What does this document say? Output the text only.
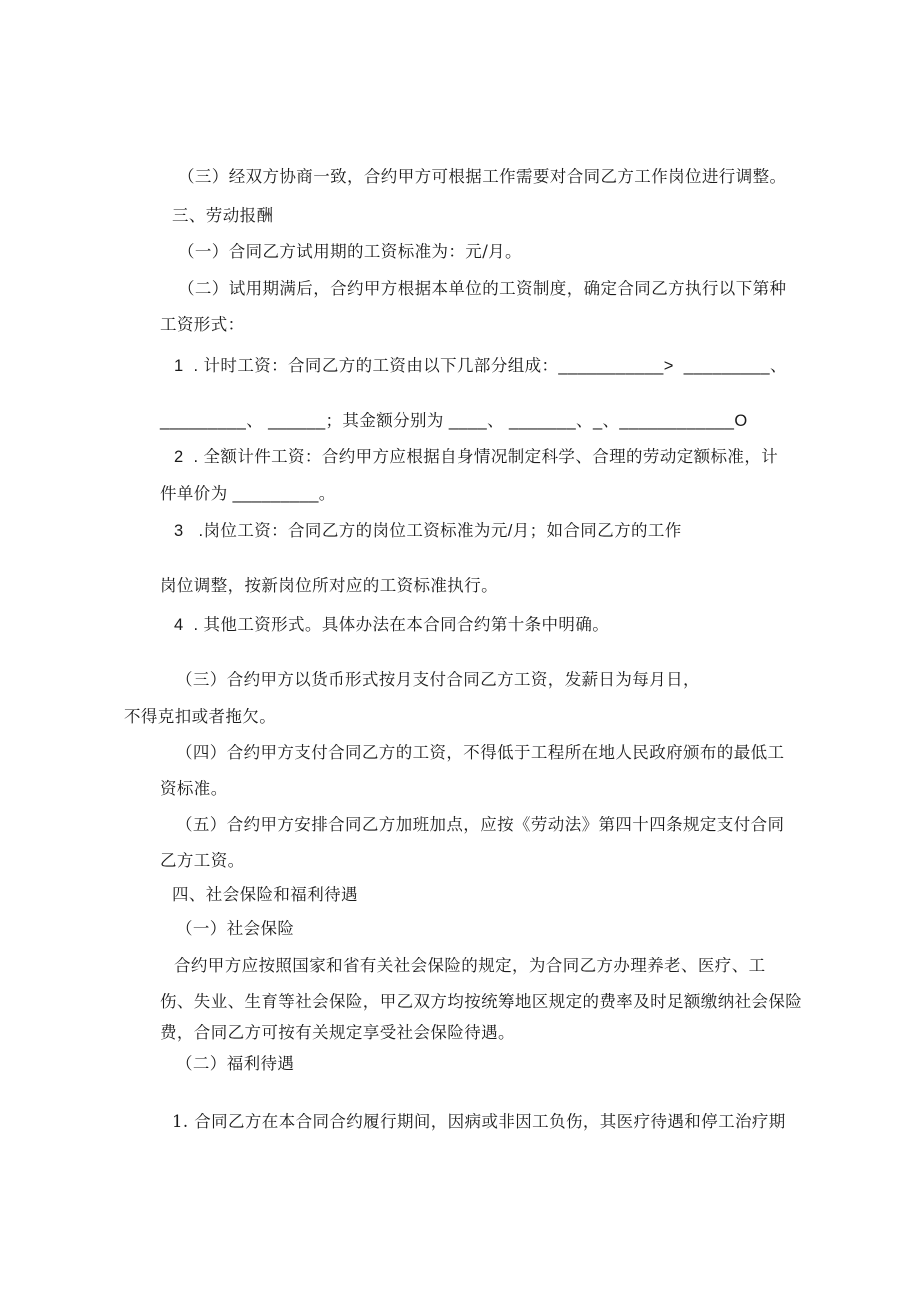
（三）经双方协商一致，合约甲方可根据工作需要对合同乙方工作岗位进行调整。

三、劳动报酬

（一）合同乙方试用期的工资标准为：元/月。

（二）试用期满后，合约甲方根据本单位的工资制度，确定合同乙方执行以下第种

工资形式：

1  . 计时工资：合同乙方的工资由以下几部分组成：___________>  _________、

_________、 ______；其金额分别为 ____、 _______、_、____________O

2  . 全额计件工资：合约甲方应根据自身情况制定科学、合理的劳动定额标准，计

件单价为 _________。

3   .岗位工资：合同乙方的岗位工资标准为元/月；如合同乙方的工作

岗位调整，按新岗位所对应的工资标准执行。

4  . 其他工资形式。具体办法在本合同合约第十条中明确。

（三）合约甲方以货币形式按月支付合同乙方工资，发薪日为每月日，

不得克扣或者拖欠。

（四）合约甲方支付合同乙方的工资，不得低于工程所在地人民政府颁布的最低工

资标准。

（五）合约甲方安排合同乙方加班加点，应按《劳动法》第四十四条规定支付合同

乙方工资。

四、社会保险和福利待遇

（一）社会保险

合约甲方应按照国家和省有关社会保险的规定，为合同乙方办理养老、医疗、工

伤、失业、生育等社会保险，甲乙双方均按统筹地区规定的费率及时足额缴纳社会保险

费，合同乙方可按有关规定享受社会保险待遇。

（二）福利待遇

1. 合同乙方在本合同合约履行期间，因病或非因工负伤，其医疗待遇和停工治疗期
